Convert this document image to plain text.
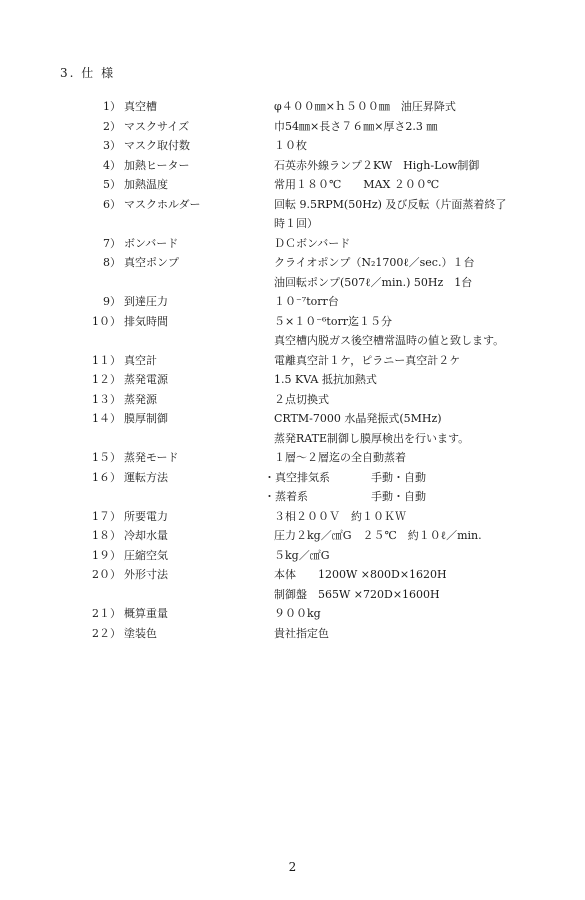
3. 仕 様
1） 真空槽	φ４００㎜×ｈ５００㎜　油圧昇降式
2） マスクサイズ	巾54㎜×長さ７６㎜×厚さ2.3 ㎜
3） マスク取付数	１０枚
4） 加熱ヒーター	石英赤外線ランプ２KW　High-Low制御
5） 加熱温度	常用１８０℃　　MAX ２００℃
6） マスクホルダー	回転 9.5RPM(50Hz) 及び反転（片面蒸着終了
時１回）
7） ボンバード	ＤＣボンバード
8） 真空ポンプ	クライオポンプ（N₂1700ℓ／sec.）１台
油回転ポンプ(507ℓ／min.) 50Hz　1台
9） 到達圧力	１０⁻⁷torr台
1０） 排気時間	５×１０⁻⁶torr迄１５分
真空槽内脱ガス後空槽常温時の値と致します。
1１） 真空計	電離真空計１ケ，ピラニー真空計２ケ
1２） 蒸発電源	1.5 KVA 抵抗加熱式
1３） 蒸発源	２点切換式
1４） 膜厚制御	CRTM-7000 水晶発振式(5MHz)
蒸発RATE制御し膜厚検出を行います。
1５） 蒸発モード	１層～２層迄の全自動蒸着
1６） 運転方法	・真空排気系	手動・自動
・蒸着系	手動・自動
1７） 所要電力	３相２００Ｖ　約１０ＫＷ
1８） 冷却水量	圧力２kg／㎠G　２５℃　約１０ℓ／min.
1９） 圧縮空気	５kg／㎠G
2０） 外形寸法	本体　　1200W ×800D×1620H
制御盤　565W ×720D×1600H
2１） 概算重量	９００kg
2２） 塗装色	貴社指定色
2
